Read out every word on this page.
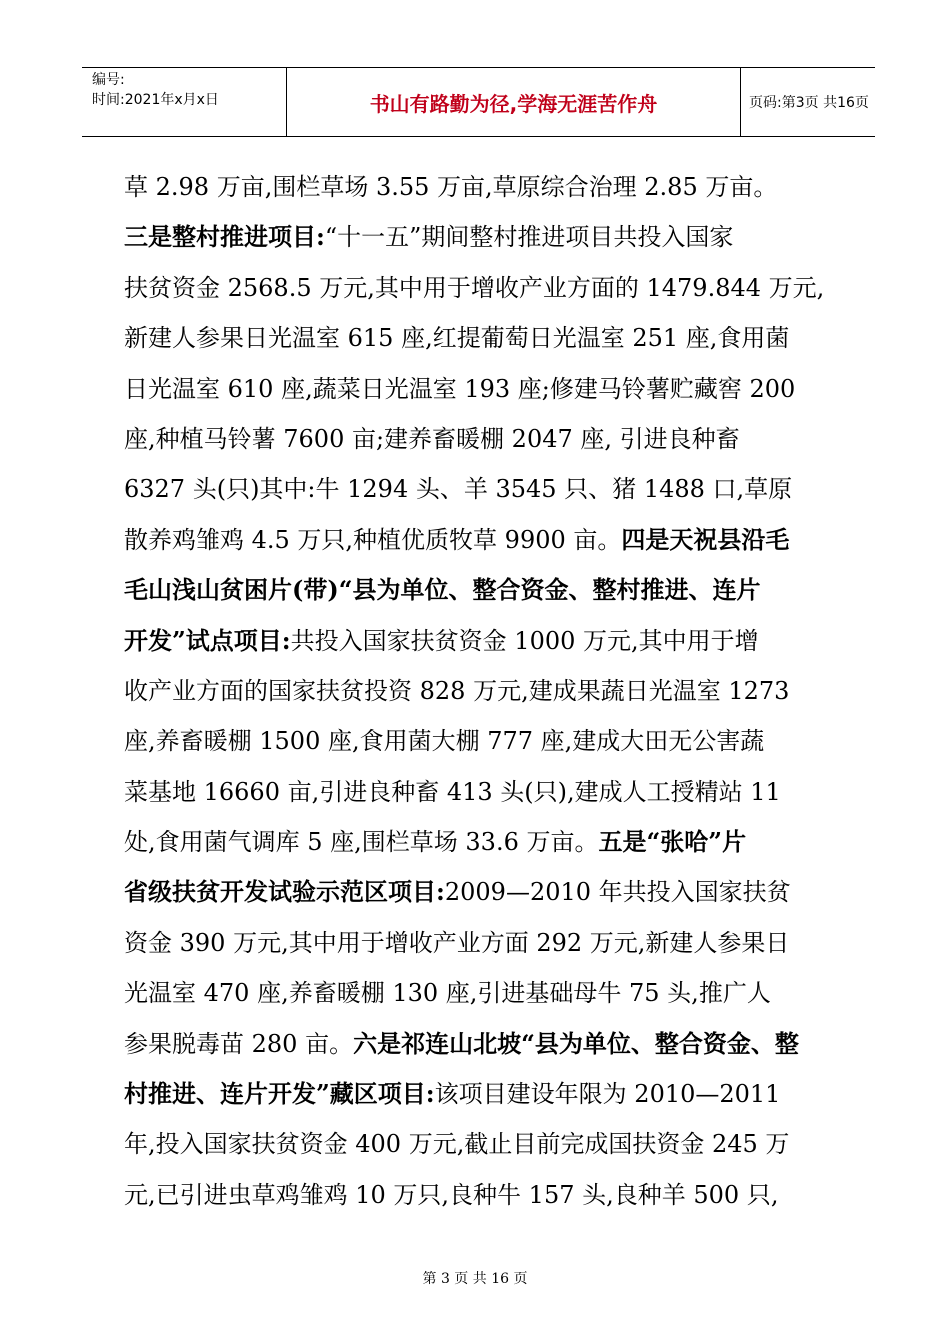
编号:
时间:2021年x月x日	书山有路勤为径,学海无涯苦作舟	页码:第3页 共16页
草 2.98 万亩,围栏草场 3.55 万亩,草原综合治理 2.85 万亩。
三是整村推进项目:“十一五”期间整村推进项目共投入国家
扶贫资金 2568.5 万元,其中用于增收产业方面的 1479.844 万元,
新建人参果日光温室 615 座,红提葡萄日光温室 251 座,食用菌
日光温室 610 座,蔬菜日光温室 193 座;修建马铃薯贮藏窖 200
座,种植马铃薯 7600 亩;建养畜暖棚 2047 座, 引进良种畜
6327 头(只)其中:牛 1294 头、羊 3545 只、猪 1488 口,草原
散养鸡雏鸡 4.5 万只,种植优质牧草 9900 亩。四是天祝县沿毛
毛山浅山贫困片(带)“县为单位、整合资金、整村推进、连片
开发”试点项目:共投入国家扶贫资金 1000 万元,其中用于增
收产业方面的国家扶贫投资 828 万元,建成果蔬日光温室 1273
座,养畜暖棚 1500 座,食用菌大棚 777 座,建成大田无公害蔬
菜基地 16660 亩,引进良种畜 413 头(只),建成人工授精站 11
处,食用菌气调库 5 座,围栏草场 33.6 万亩。五是“张哈”片
省级扶贫开发试验示范区项目:2009—2010 年共投入国家扶贫
资金 390 万元,其中用于增收产业方面 292 万元,新建人参果日
光温室 470 座,养畜暖棚 130 座,引进基础母牛 75 头,推广人
参果脱毒苗 280 亩。六是祁连山北坡“县为单位、整合资金、整
村推进、连片开发”藏区项目:该项目建设年限为 2010—2011
年,投入国家扶贫资金 400 万元,截止目前完成国扶资金 245 万
元,已引进虫草鸡雏鸡 10 万只,良种牛 157 头,良种羊 500 只,
第 3 页 共 16 页
